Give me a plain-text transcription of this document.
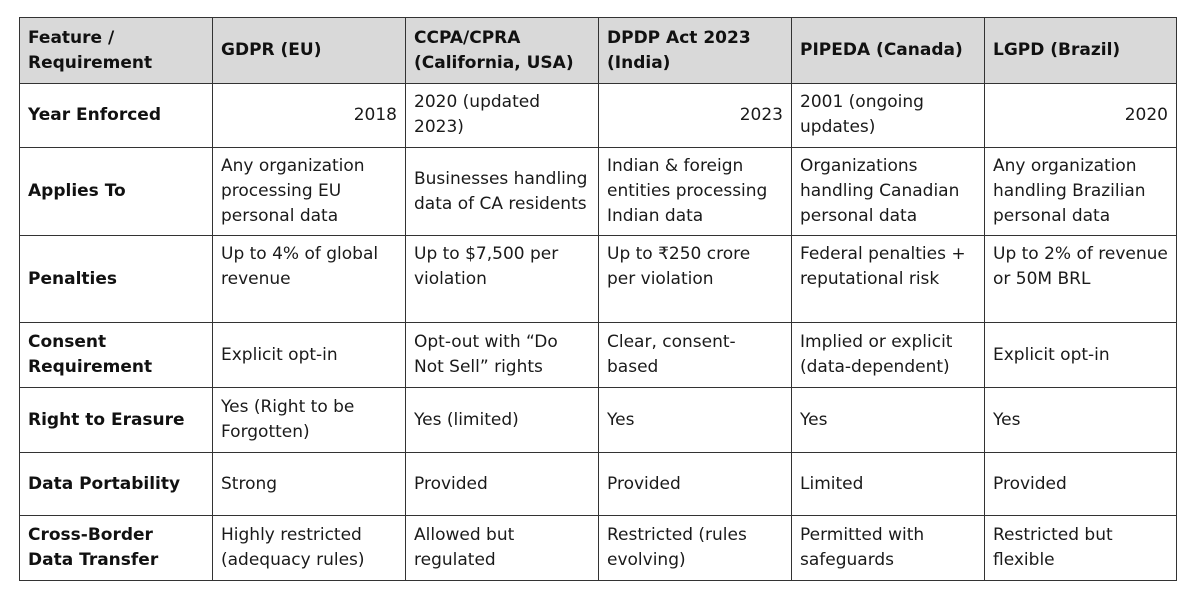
Feature / Requirement	GDPR (EU)	CCPA/CPRA (California, USA)	DPDP Act 2023 (India)	PIPEDA (Canada)	LGPD (Brazil)
Year Enforced	2018	2020 (updated 2023)	2023	2001 (ongoing updates)	2020
Applies To	Any organization processing EU personal data	Businesses handling data of CA residents	Indian & foreign entities processing Indian data	Organizations handling Canadian personal data	Any organization handling Brazilian personal data
Penalties	Up to 4% of global revenue	Up to $7,500 per violation	Up to ₹250 crore per violation	Federal penalties + reputational risk	Up to 2% of revenue or 50M BRL
Consent Requirement	Explicit opt-in	Opt-out with “Do Not Sell” rights	Clear, consent-based	Implied or explicit (data-dependent)	Explicit opt-in
Right to Erasure	Yes (Right to be Forgotten)	Yes (limited)	Yes	Yes	Yes
Data Portability	Strong	Provided	Provided	Limited	Provided
Cross-Border Data Transfer	Highly restricted (adequacy rules)	Allowed but regulated	Restricted (rules evolving)	Permitted with safeguards	Restricted but flexible
